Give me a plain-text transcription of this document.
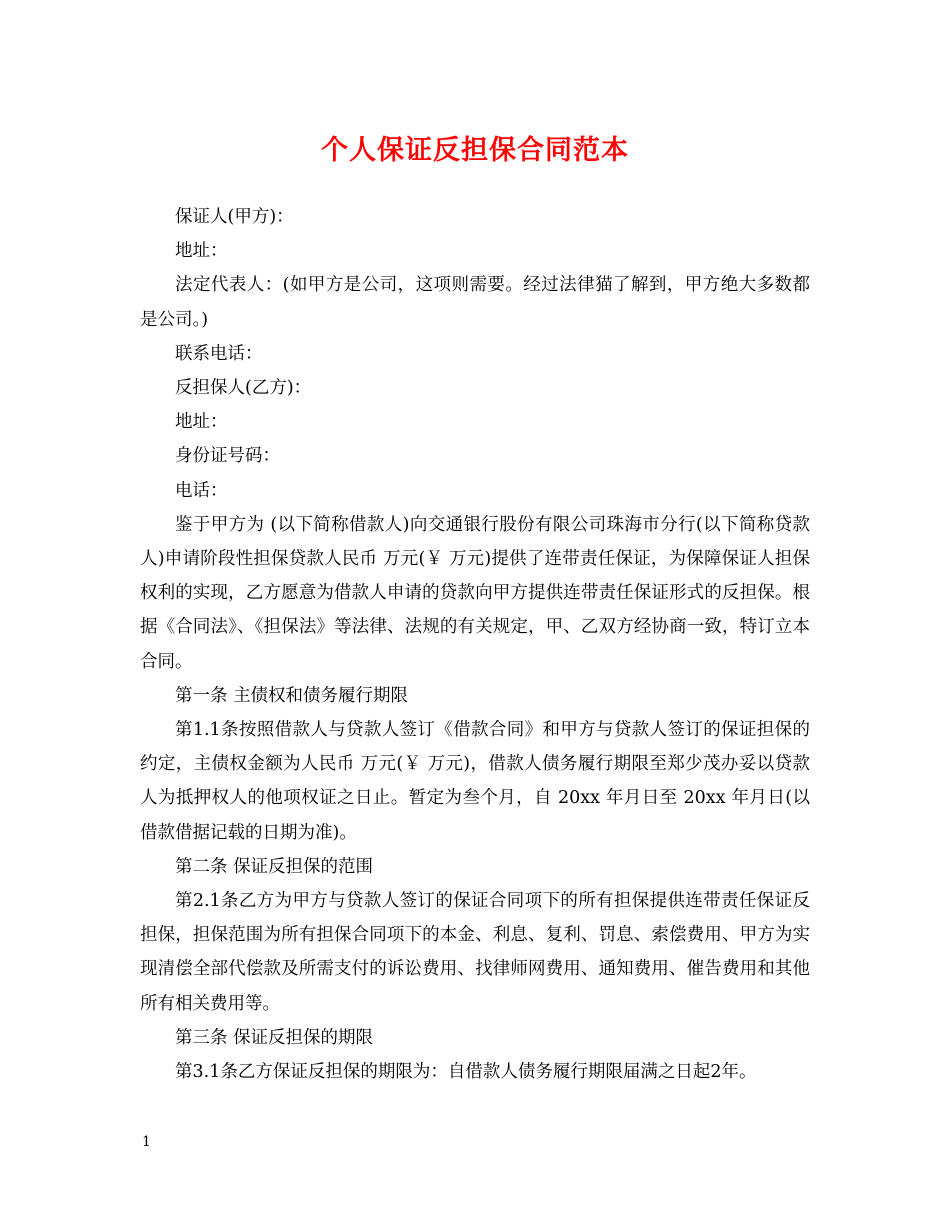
个人保证反担保合同范本

保证人(甲方)：

地址：

法定代表人：(如甲方是公司，这项则需要。经过法律猫了解到，甲方绝大多数都是公司。)

联系电话：

反担保人(乙方)：

地址：

身份证号码：

电话：

鉴于甲方为 (以下简称借款人)向交通银行股份有限公司珠海市分行(以下简称贷款人)申请阶段性担保贷款人民币 万元(￥ 万元)提供了连带责任保证，为保障保证人担保权利的实现，乙方愿意为借款人申请的贷款向甲方提供连带责任保证形式的反担保。根据《合同法》、《担保法》等法律、法规的有关规定，甲、乙双方经协商一致，特订立本合同。

第一条 主债权和债务履行期限

第1.1条按照借款人与贷款人签订《借款合同》和甲方与贷款人签订的保证担保的约定，主债权金额为人民币 万元(￥ 万元)，借款人债务履行期限至郑少茂办妥以贷款人为抵押权人的他项权证之日止。暂定为叁个月，自 20xx 年月日至 20xx 年月日(以借款借据记载的日期为准)。

第二条 保证反担保的范围

第2.1条乙方为甲方与贷款人签订的保证合同项下的所有担保提供连带责任保证反担保，担保范围为所有担保合同项下的本金、利息、复利、罚息、索偿费用、甲方为实现清偿全部代偿款及所需支付的诉讼费用、找律师网费用、通知费用、催告费用和其他所有相关费用等。

第三条 保证反担保的期限

第3.1条乙方保证反担保的期限为：自借款人债务履行期限届满之日起2年。

1
